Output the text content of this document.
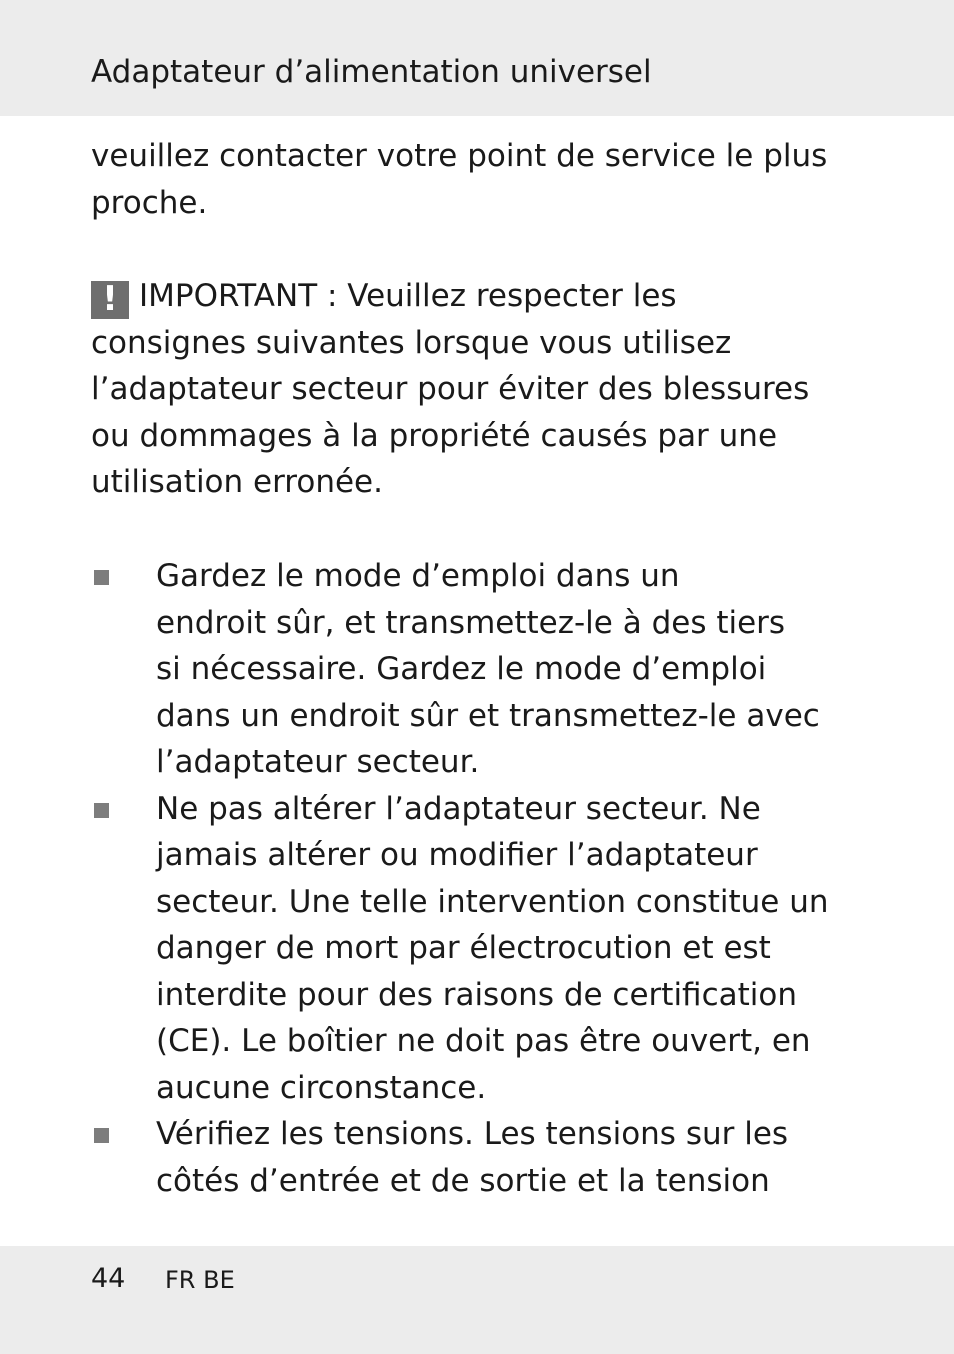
Adaptateur d’alimentation universel
veuillez contacter votre point de service le plus
proche.
! IMPORTANT : Veuillez respecter les
consignes suivantes lorsque vous utilisez
l’adaptateur secteur pour éviter des blessures
ou dommages à la propriété causés par une
utilisation erronée.
Gardez le mode d’emploi dans un
endroit sûr, et transmettez-le à des tiers
si nécessaire. Gardez le mode d’emploi
dans un endroit sûr et transmettez-le avec
l’adaptateur secteur.
Ne pas altérer l’adaptateur secteur. Ne
jamais altérer ou modifier l’adaptateur
secteur. Une telle intervention constitue un
danger de mort par électrocution et est
interdite pour des raisons de certification
(CE). Le boîtier ne doit pas être ouvert, en
aucune circonstance.
Vérifiez les tensions. Les tensions sur les
côtés d’entrée et de sortie et la tension
44 FR BE
